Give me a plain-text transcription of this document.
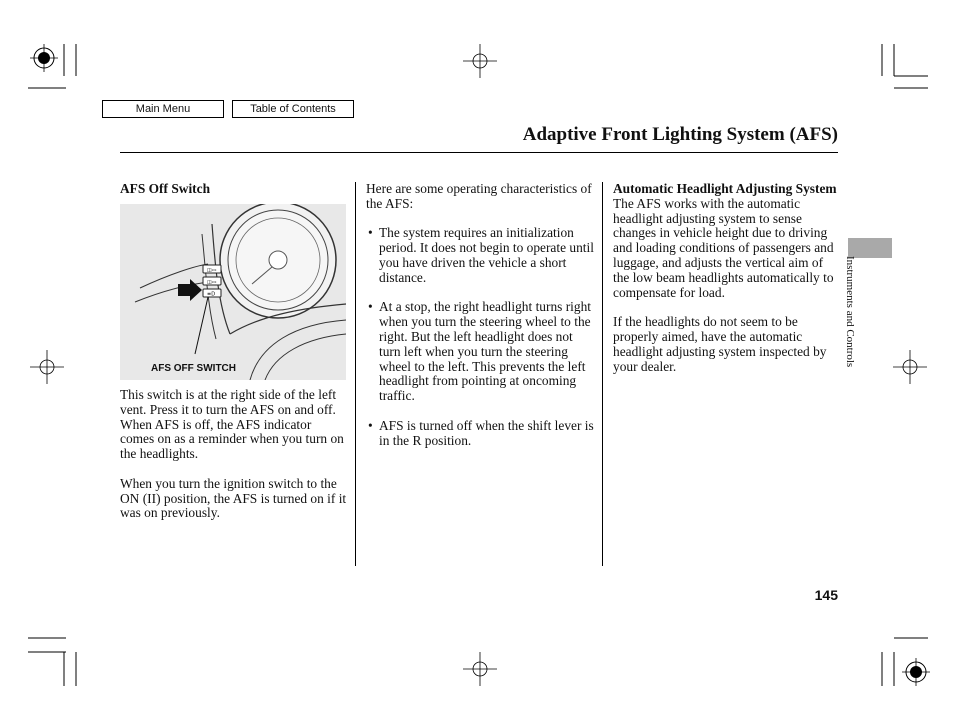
Main Menu	Table of Contents
Adaptive Front Lighting System (AFS)
AFS Off Switch
◫▭
◫▭
≡D
AFS OFF SWITCH

This switch is at the right side of the left vent. Press it to turn the AFS on and off. When AFS is off, the AFS indicator comes on as a reminder when you turn on the headlights.

When you turn the ignition switch to the ON (II) position, the AFS is turned on if it was on previously.

Here are some operating characteristics of the AFS:

• The system requires an initialization period. It does not begin to operate until you have driven the vehicle a short distance.
• At a stop, the right headlight turns right when you turn the steering wheel to the right. But the left headlight does not turn left when you turn the steering wheel to the left. This prevents the left headlight from pointing at oncoming traffic.
• AFS is turned off when the shift lever is in the R position.
Automatic Headlight Adjusting System

The AFS works with the automatic headlight adjusting system to sense changes in vehicle height due to driving and loading conditions of passengers and luggage, and adjusts the vertical aim of the low beam headlights automatically to compensate for load.

If the headlights do not seem to be properly aimed, have the automatic headlight adjusting system inspected by your dealer.	Instruments and Controls
145
